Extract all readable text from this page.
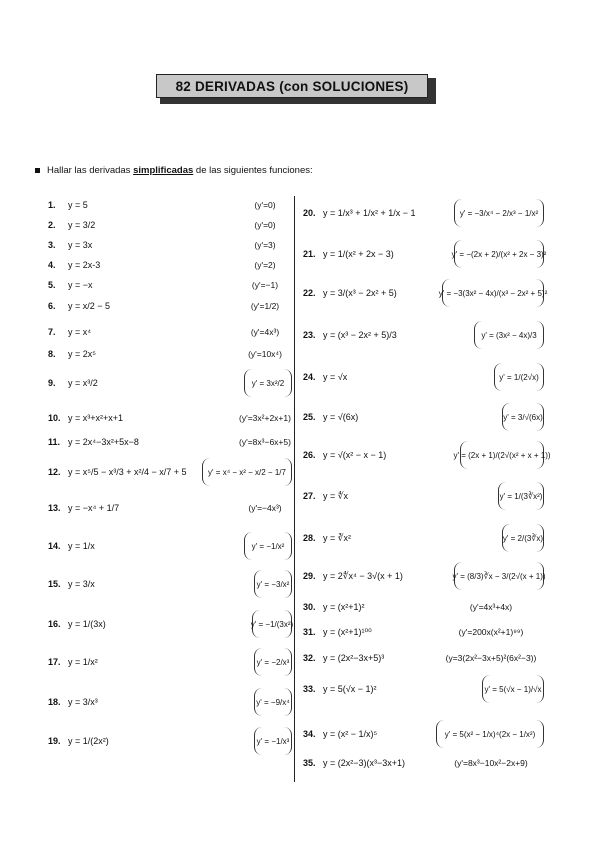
82 DERIVADAS (con SOLUCIONES)
Hallar las derivadas simplificadas de las siguientes funciones:
1.	y = 5	(y'=0)
2.	y = 3/2	(y'=0)
3.	y = 3x	(y'=3)
4.	y = 2x-3	(y'=2)
5.	y = −x	(y'=−1)
6.	y = x/2 − 5	(y'=1/2)
7.	y = x⁴	(y'=4x³)
8.	y = 2x⁵	(y'=10x⁴)
9.	y = x³/2	y' = 3x²/2
10. y = x³+x²+x+1	(y'=3x²+2x+1)
11. y = 2x⁴−3x²+5x−8	(y'=8x³−6x+5)
12. y = x⁵/5 − x³/3 + x²/4 − x/7 + 5	y' = x⁴ − x² − x/2 − 1/7
13. y = −x⁴ + 1/7	(y'=−4x³)
14. y = 1/x	y' = −1/x²
15. y = 3/x	y' = −3/x²
16. y = 1/(3x)	y' = −1/(3x²)
17. y = 1/x²	y' = −2/x³
18. y = 3/x³	y' = −9/x⁴
19. y = 1/(2x²)	y' = −1/x³
20. y = 1/x³ + 1/x² + 1/x − 1	y' = −3/x⁴ − 2/x³ − 1/x²
21. y = 1/(x² + 2x − 3)	y' = −(2x + 2)/(x² + 2x − 3)²
22. y = 3/(x³ − 2x² + 5)	y' = −3(3x² − 4x)/(x³ − 2x² + 5)²
23. y = (x³ − 2x² + 5)/3	y' = (3x² − 4x)/3
24. y = √x	y' = 1/(2√x)
25. y = √(6x)	y' = 3/√(6x)
26. y = √(x² − x − 1)	y' = (2x + 1)/(2√(x² + x + 1))
27. y = ∜x	y' = 1/(3∛x²)
28. y = ∛x²	y' = 2/(3∛x)
29. y = 2∜x⁴ − 3√(x + 1)	y' = (8/3)∛x − 3/(2√(x + 1))
30. y = (x²+1)²	(y'=4x³+4x)
31. y = (x²+1)¹⁰⁰	(y'=200x(x²+1)⁹⁹)
32. y = (2x²−3x+5)³	(y=3(2x²−3x+5)²(6x²−3))
33. y = 5(√x − 1)²	y' = 5(√x − 1)/√x
34. y = (x² − 1/x)⁵	y' = 5(x² − 1/x)⁴(2x − 1/x²)
35. y = (2x²−3)(x³−3x+1)	(y'=8x³−10x²−2x+9)
